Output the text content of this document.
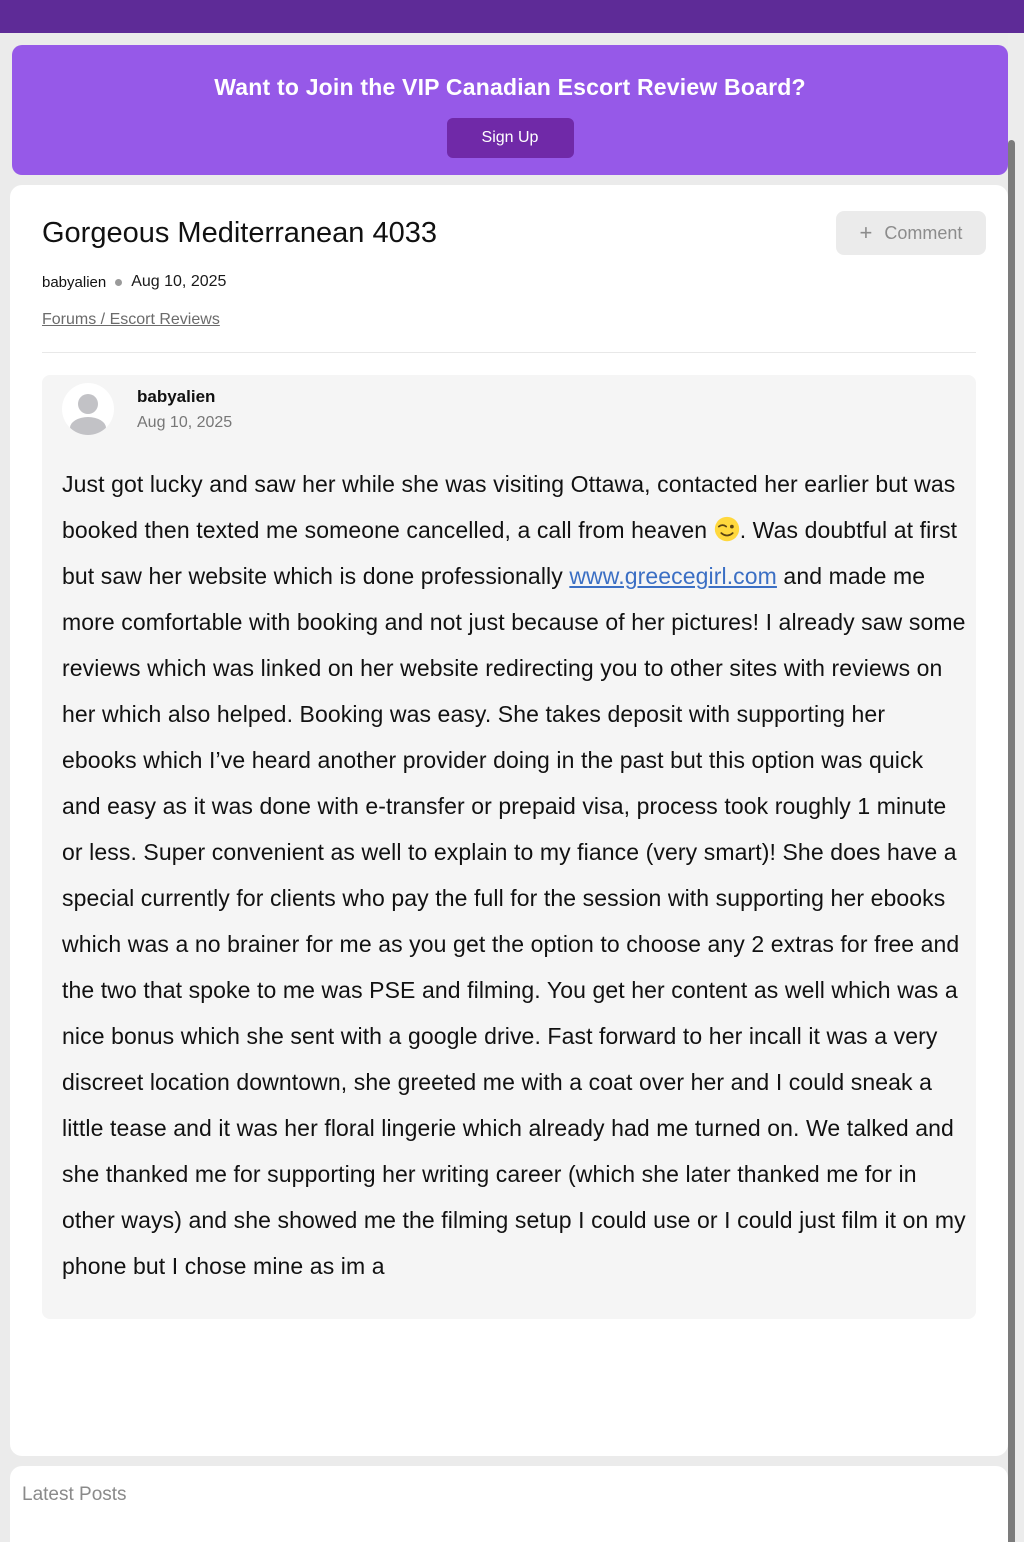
Want to Join the VIP Canadian Escort Review Board?
Sign Up
Gorgeous Mediterranean 4033	+ Comment
babyalien Aug 10, 2025
Forums / Escort Reviews
babyalien
Aug 10, 2025
Just got lucky and saw her while she was visiting Ottawa, contacted her earlier but was booked then texted me someone cancelled, a call from heaven . Was doubtful at first but saw her website which is done professionally www.greecegirl.com and made me more comfortable with booking and not just because of her pictures! I already saw some reviews which was linked on her website redirecting you to other sites with reviews on her which also helped. Booking was easy. She takes deposit with supporting her ebooks which I’ve heard another provider doing in the past but this option was quick and easy as it was done with e-transfer or prepaid visa, process took roughly 1 minute or less. Super convenient as well to explain to my fiance (very smart)! She does have a special currently for clients who pay the full for the session with supporting her ebooks which was a no brainer for me as you get the option to choose any 2 extras for free and the two that spoke to me was PSE and filming. You get her content as well which was a nice bonus which she sent with a google drive. Fast forward to her incall it was a very discreet location downtown, she greeted me with a coat over her and I could sneak a little tease and it was her floral lingerie which already had me turned on. We talked and she thanked me for supporting her writing career (which she later thanked me for in other ways) and she showed me the filming setup I could use or I could just film it on my phone but I chose mine as im a
Latest Posts
